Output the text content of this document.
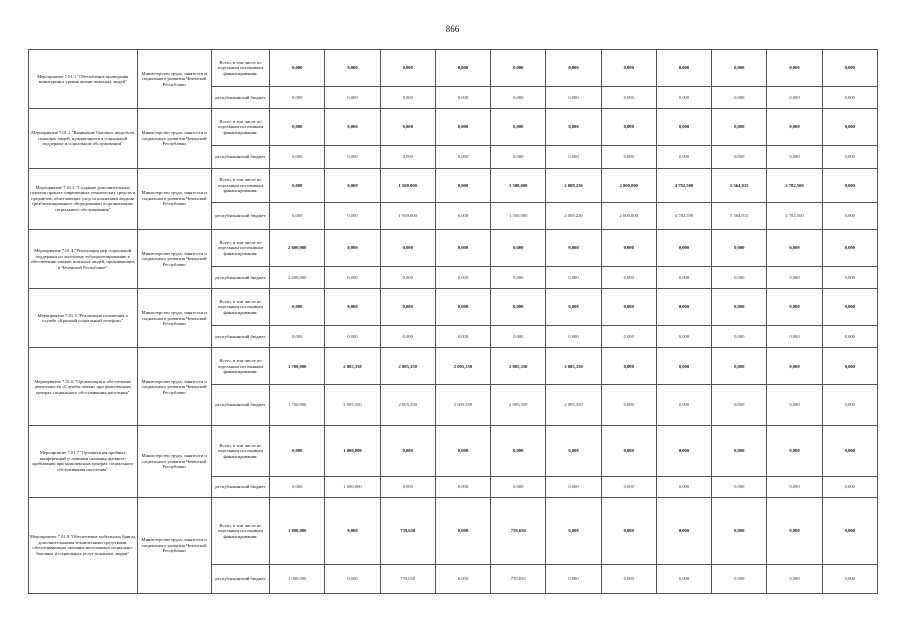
866
Мероприятие 7.01.1 "Обеспечение проведения мониторинга уровня жизни пожилых людей"	Министерство труда, занятости и социального развития Чеченской Республики	Всего, в том числе по отдельным источникам финансирования:	0,000	0,000	0,000	0,000	0,000	0,000	0,000	0,000	0,000	0,000	0,000
		республиканский бюджет	0,000	0,000	0,000	0,000	0,000	0,000	0,000	0,000	0,000	0,000	0,000
Мероприятие 7.01.2 "Выявление бытовых неудобств пожилых людей, нуждающихся в социальной поддержке и социальном обслуживании"	Министерство труда, занятости и социального развития Чеченской Республики	Всего, в том числе по отдельным источникам финансирования:	0,000	0,000	0,000	0,000	0,000	0,000	0,000	0,000	0,000	0,000	0,000
		республиканский бюджет	0,000	0,000	0,000	0,000	0,000	0,000	0,000	0,000	0,000	0,000	0,000
Мероприятие 7.01.3 "Создание дополнительных пунктов проката современных технических средств и предметов, облегчающих уход за пожилыми людьми (реабилитационного оборудования) в организациях социального обслуживания"	Министерство труда, занятости и социального развития Чеченской Республики	Всего, в том числе по отдельным источникам финансирования:	0,000	0,000	1 500,000	0,000	1 500,000	2 009,226	2 000,000	4 782,500	5 564,915	2 782,500	0,000
		республиканский бюджет	0,000	0,000	1 500,000	0,000	1 500,000	2 009,226	2 000,000	4 782,500	5 564,915	2 782,500	0,000
Мероприятие 7.01.4 "Реализация мер социальной поддержки по льготному зубопротезированию и обеспечению очками пожилых людей, проживающих в Чеченской Республике"	Министерство труда, занятости и социального развития Чеченской Республики	Всего, в том числе по отдельным источникам финансирования:	2 600,000	0,000	0,000	0,000	0,000	0,000	0,000	0,000	0,000	0,000	0,000
		республиканский бюджет	2 600,000	0,000	0,000	0,000	0,000	0,000	0,000	0,000	0,000	0,000	0,000
Мероприятие 7.01.5 "Реализация положения о службе «Красный социальный телефон»"	Министерство труда, занятости и социального развития Чеченской Республики	Всего, в том числе по отдельным источникам финансирования:	0,000	0,000	0,000	0,000	0,000	0,000	0,000	0,000	0,000	0,000	0,000
		республиканский бюджет	0,000	0,000	0,000	0,000	0,000	0,000	0,000	0,000	0,000	0,000	0,000
Мероприятие 7.01.6 "Организация и обеспечение деятельности «Службы опеки» при комплексных центрах социального обслуживания населения"	Министерство труда, занятости и социального развития Чеченской Республики	Всего, в том числе по отдельным источникам финансирования:	1 700,000	2 005,350	2 005,350	2 005,350	2 005,350	2 005,350	0,000	0,000	0,000	0,000	0,000
		республиканский бюджет	1 700,000	2 005,350	2 005,350	2 005,350	2 005,350	2 005,350	0,000	0,000	0,000	0,000	0,000
Мероприятие 7.01.7 "Организация пробных конференций условиями оказания дневного пребывания при комплексных центрах социального обслуживания населения"	Министерство труда, занятости и социального развития Чеченской Республики	Всего, в том числе по отдельным источникам финансирования:	0,000	1 000,000	0,000	0,000	0,000	0,000	0,000	0,000	0,000	0,000	0,000
		республиканский бюджет	0,000	1 000,000	0,000	0,000	0,000	0,000	0,000	0,000	0,000	0,000	0,000
Мероприятие 7.01.8 "Обеспечение мобильных бригад дополнительными техническими средствами, обеспечивающих оказание неотложных социально-бытовых и социальных услуг пожилым людям"	Министерство труда, занятости и социального развития Чеченской Республики	Всего, в том числе по отдельным источникам финансирования:	1 000,000	0,000	759,650	0,000	759,650	0,000	0,000	0,000	0,000	0,000	0,000
		республиканский бюджет	1 000,000	0,000	759,650	0,000	759,650	0,000	0,000	0,000	0,000	0,000	0,000
